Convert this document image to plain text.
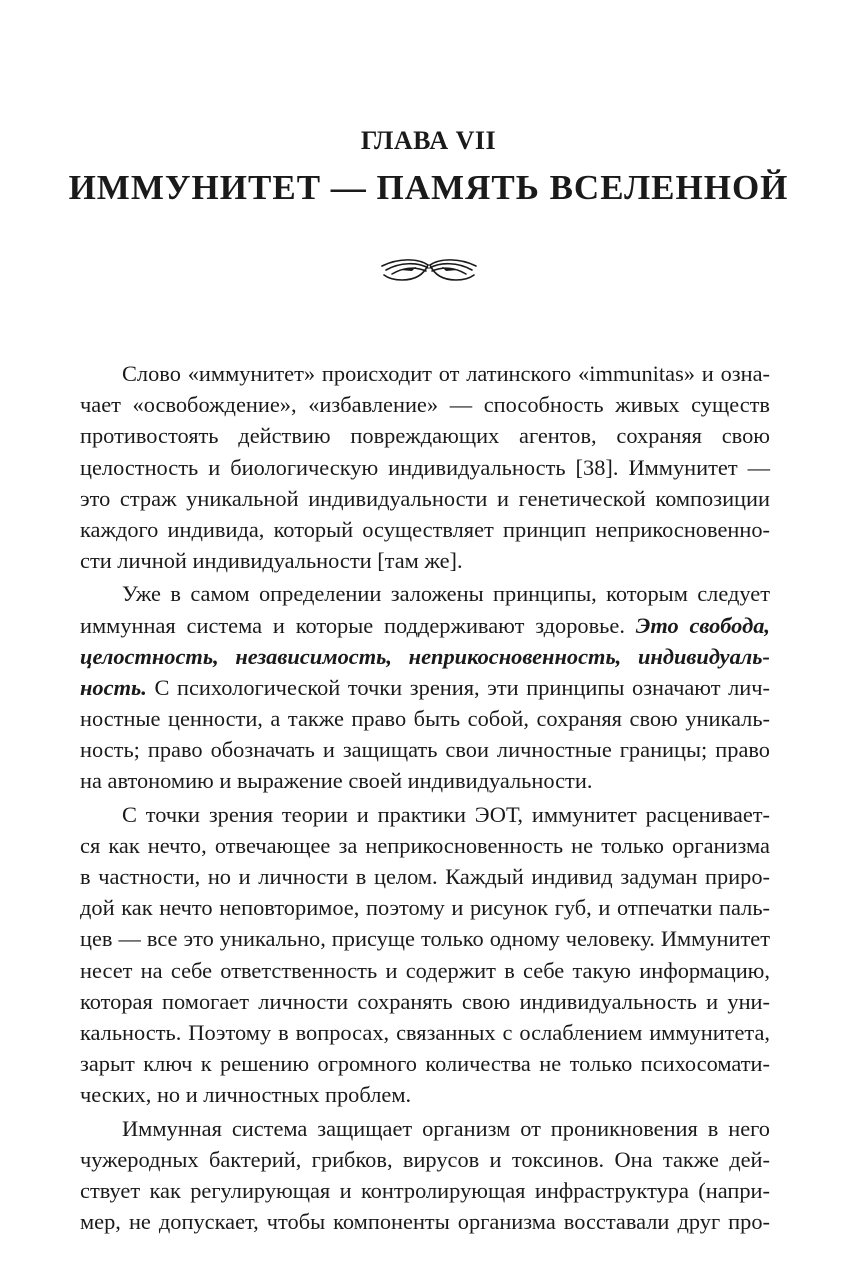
ГЛАВА VII
ИММУНИТЕТ — ПАМЯТЬ ВСЕЛЕННОЙ
Слово «иммунитет» происходит от латинского «immunitas» и озна-
чает «освобождение», «избавление» — способность живых существ
противостоять действию повреждающих агентов, сохраняя свою
целостность и биологическую индивидуальность [38]. Иммунитет —
это страж уникальной индивидуальности и генетической композиции
каждого индивида, который осуществляет принцип неприкосновенно-
сти личной индивидуальности [там же].
Уже в самом определении заложены принципы, которым следует
иммунная система и которые поддерживают здоровье. Это свобода,
целостность, независимость, неприкосновенность, индивидуаль-
ность. С психологической точки зрения, эти принципы означают лич-
ностные ценности, а также право быть собой, сохраняя свою уникаль-
ность; право обозначать и защищать свои личностные границы; право
на автономию и выражение своей индивидуальности.
С точки зрения теории и практики ЭОТ, иммунитет расценивает-
ся как нечто, отвечающее за неприкосновенность не только организма
в частности, но и личности в целом. Каждый индивид задуман приро-
дой как нечто неповторимое, поэтому и рисунок губ, и отпечатки паль-
цев — все это уникально, присуще только одному человеку. Иммунитет
несет на себе ответственность и содержит в себе такую информацию,
которая помогает личности сохранять свою индивидуальность и уни-
кальность. Поэтому в вопросах, связанных с ослаблением иммунитета,
зарыт ключ к решению огромного количества не только психосомати-
ческих, но и личностных проблем.
Иммунная система защищает организм от проникновения в него
чужеродных бактерий, грибков, вирусов и токсинов. Она также дей-
ствует как регулирующая и контролирующая инфраструктура (напри-
мер, не допускает, чтобы компоненты организма восставали друг про-
